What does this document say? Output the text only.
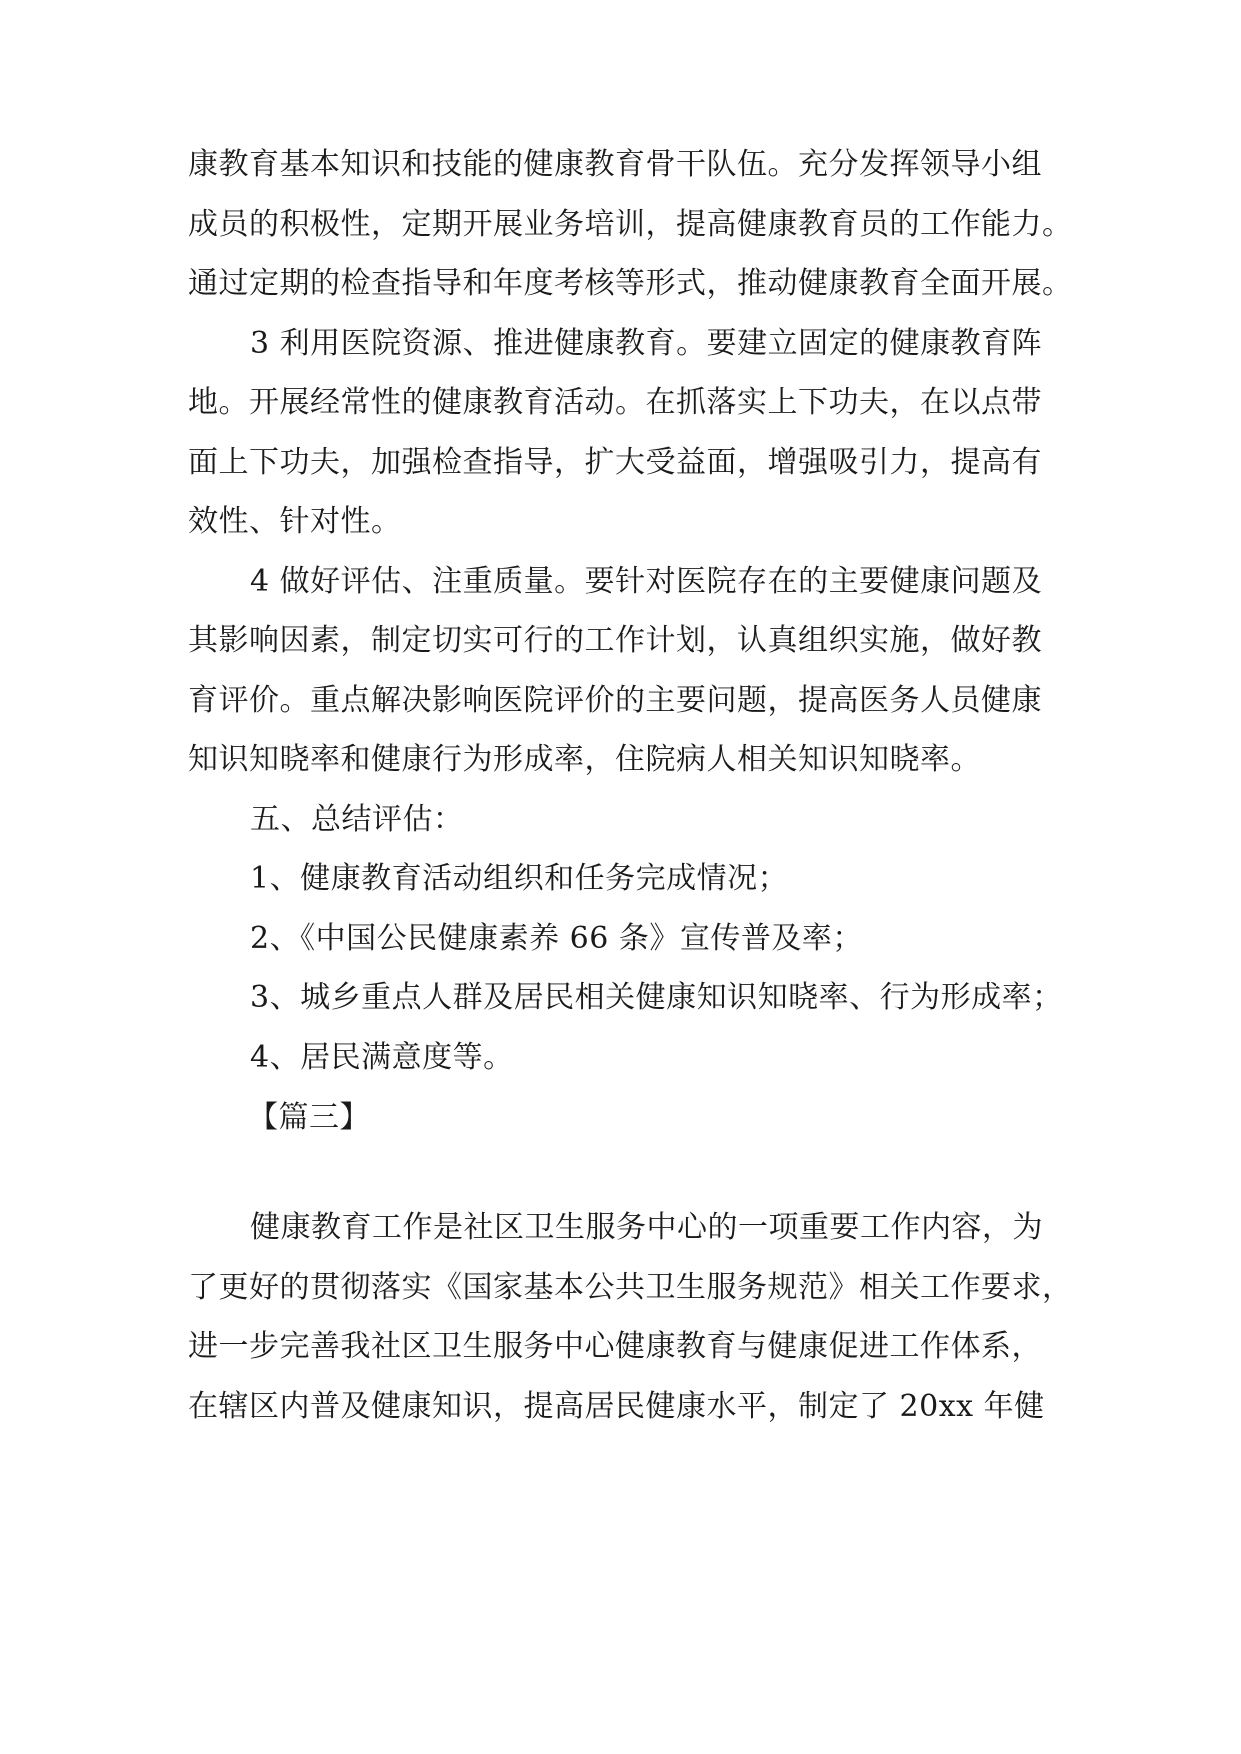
康教育基本知识和技能的健康教育骨干队伍。充分发挥领导小组
成员的积极性，定期开展业务培训，提高健康教育员的工作能力。
通过定期的检查指导和年度考核等形式，推动健康教育全面开展。
3 利用医院资源、推进健康教育。要建立固定的健康教育阵
地。开展经常性的健康教育活动。在抓落实上下功夫，在以点带
面上下功夫，加强检查指导，扩大受益面，增强吸引力，提高有
效性、针对性。
4 做好评估、注重质量。要针对医院存在的主要健康问题及
其影响因素，制定切实可行的工作计划，认真组织实施，做好教
育评价。重点解决影响医院评价的主要问题，提高医务人员健康
知识知晓率和健康行为形成率，住院病人相关知识知晓率。
五、总结评估：
1、健康教育活动组织和任务完成情况；
2、《中国公民健康素养 66 条》宣传普及率；
3、城乡重点人群及居民相关健康知识知晓率、行为形成率；
4、居民满意度等。
【篇三】
健康教育工作是社区卫生服务中心的一项重要工作内容，为
了更好的贯彻落实《国家基本公共卫生服务规范》相关工作要求，
进一步完善我社区卫生服务中心健康教育与健康促进工作体系，
在辖区内普及健康知识，提高居民健康水平，制定了 20xx 年健
